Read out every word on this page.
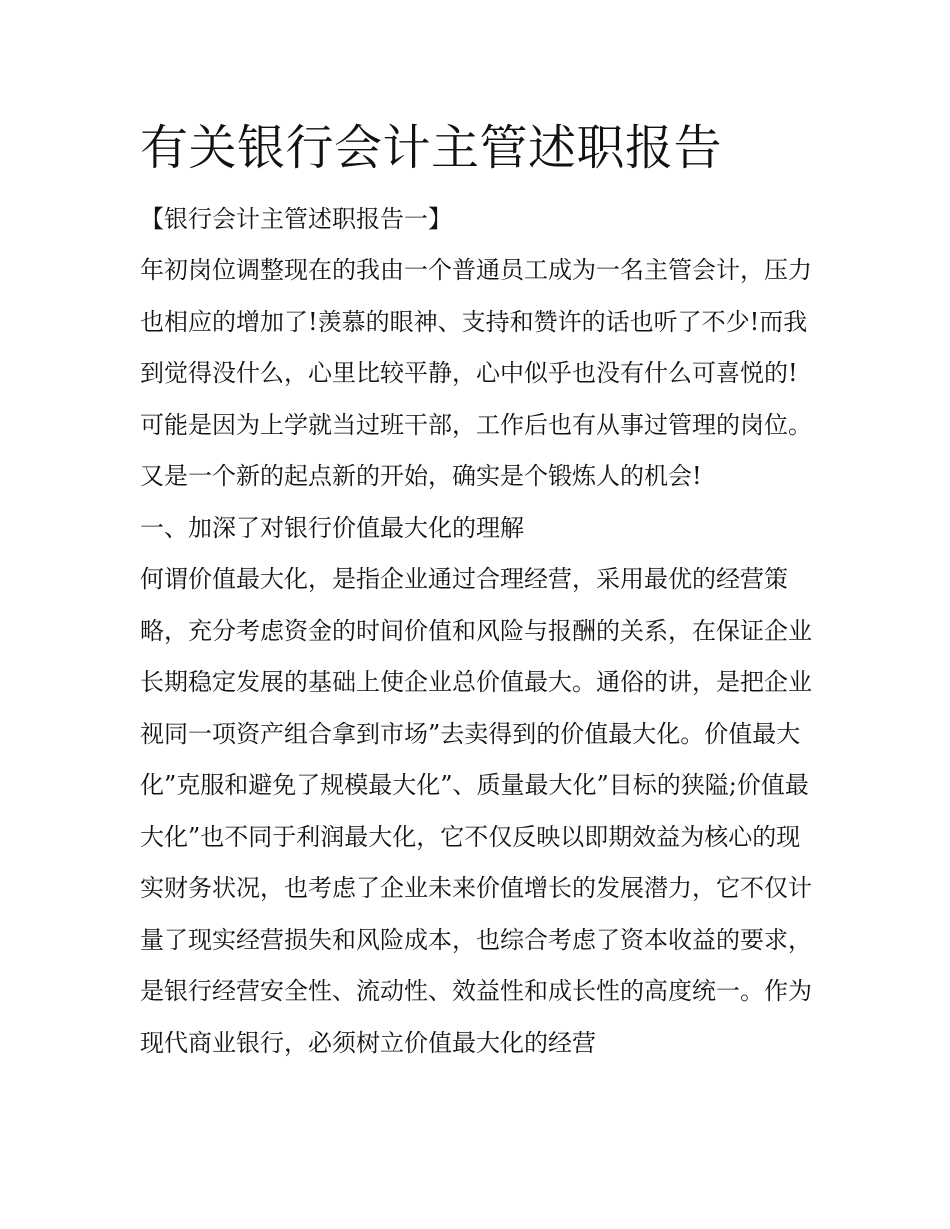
有关银行会计主管述职报告

【银行会计主管述职报告一】

年初岗位调整现在的我由一个普通员工成为一名主管会计，压力也相应的增加了!羡慕的眼神、支持和赞许的话也听了不少!而我到觉得没什么，心里比较平静，心中似乎也没有什么可喜悦的!可能是因为上学就当过班干部，工作后也有从事过管理的岗位。又是一个新的起点新的开始，确实是个锻炼人的机会!

一、加深了对银行价值最大化的理解

何谓价值最大化，是指企业通过合理经营，采用最优的经营策略，充分考虑资金的时间价值和风险与报酬的关系，在保证企业长期稳定发展的基础上使企业总价值最大。通俗的讲，是把企业视同一项资产组合拿到市场”去卖得到的价值最大化。价值最大化”克服和避免了规模最大化”、质量最大化”目标的狭隘;价值最大化”也不同于利润最大化，它不仅反映以即期效益为核心的现实财务状况，也考虑了企业未来价值增长的发展潜力，它不仅计量了现实经营损失和风险成本，也综合考虑了资本收益的要求，是银行经营安全性、流动性、效益性和成长性的高度统一。作为现代商业银行，必须树立价值最大化的经营
